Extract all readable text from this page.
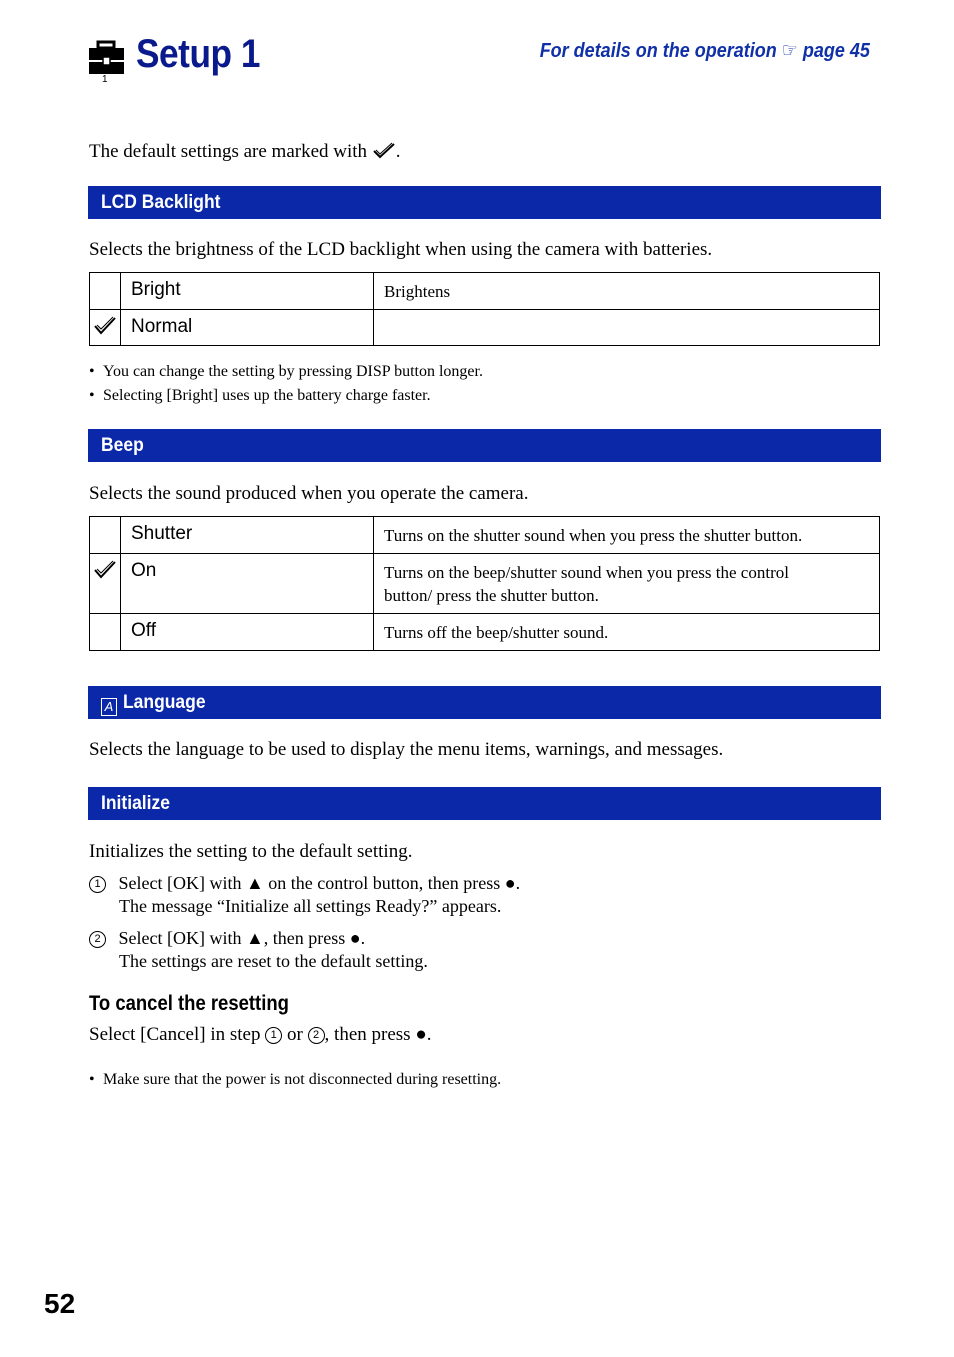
1
Setup 1	For details on the operation ☞ page 45
The default settings are marked with .
LCD Backlight
Selects the brightness of the LCD backlight when using the camera with batteries.
	Bright	Brightens
	Normal	
• You can change the setting by pressing DISP button longer.
• Selecting [Bright] uses up the battery charge faster.
Beep
Selects the sound produced when you operate the camera.
	Shutter	Turns on the shutter sound when you press the shutter button.
	On	Turns on the beep/shutter sound when you press the control
button/ press the shutter button.

	Off	Turns off the beep/shutter sound.
A Language
Selects the language to be used to display the menu items, warnings, and messages.
Initialize
Initializes the setting to the default setting.
1 Select [OK] with ▲ on the control button, then press ●.
The message “Initialize all settings Ready?” appears.
2 Select [OK] with ▲, then press ●.
The settings are reset to the default setting.
To cancel the resetting
Select [Cancel] in step 1 or 2 , then press ●.
• Make sure that the power is not disconnected during resetting.
52
